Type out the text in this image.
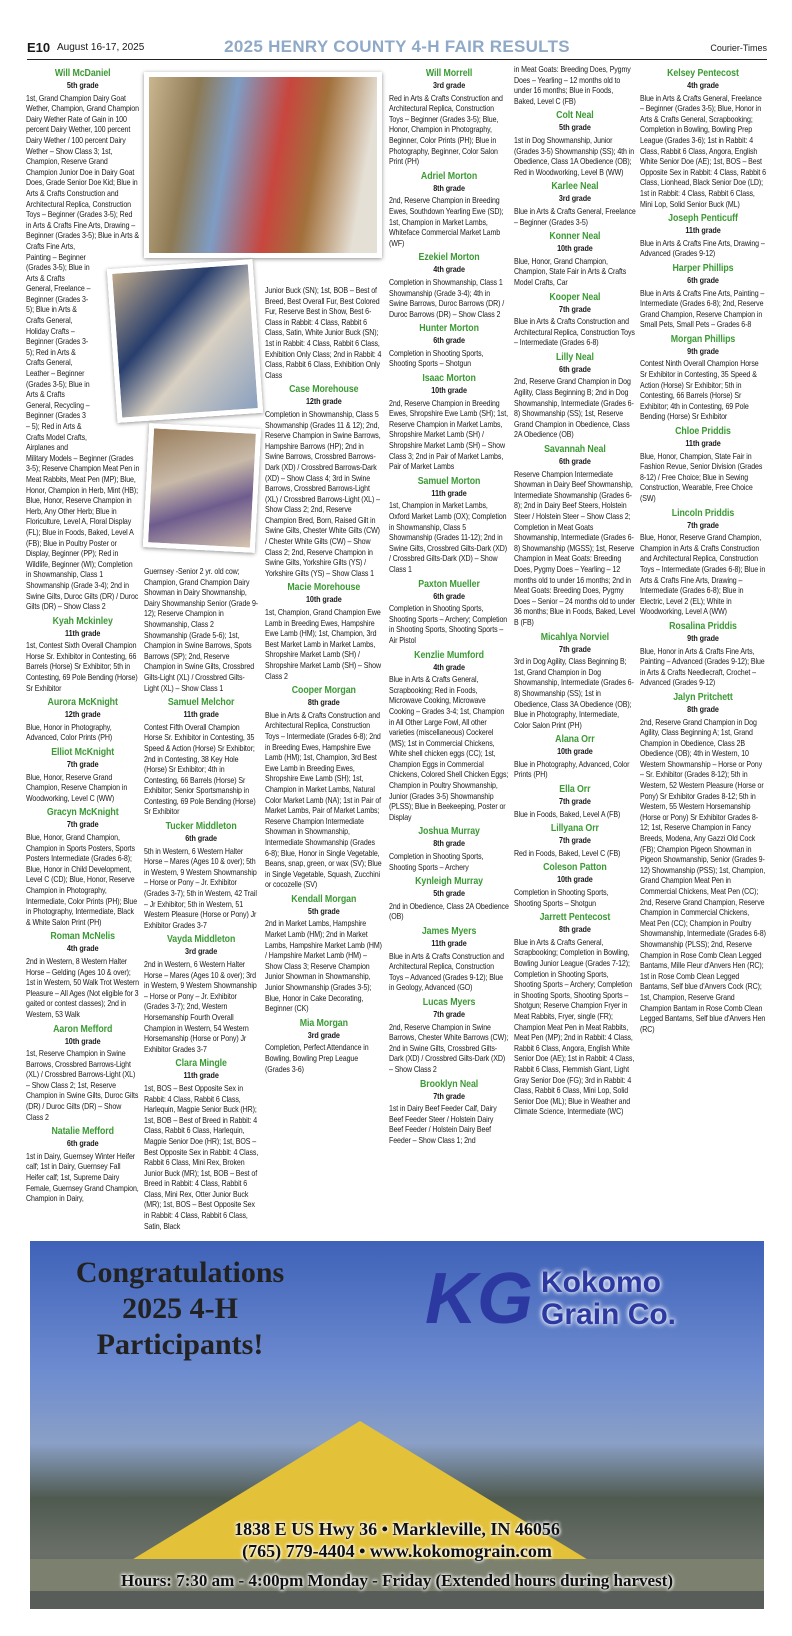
E10 August 16-17, 2025	2025 HENRY COUNTY 4-H FAIR RESULTS	Courier-Times
Will McDaniel
5th grade

1st, Grand Champion Dairy Goat Wether, Champion, Grand Champion Dairy Wether Rate of Gain in 100 percent Dairy Wether, 100 percent Dairy Wether / 100 percent Dairy Wether – Show Class 3; 1st, Champion, Reserve Grand Champion Junior Doe in Dairy Goat Does, Grade Senior Doe Kid; Blue in Arts & Crafts Construction and Architectural Replica, Construction Toys – Beginner (Grades 3-5); Red in Arts & Crafts Fine Arts, Drawing – Beginner (Grades 3-5); Blue in Arts & Crafts Fine Arts, Painting – Beginner (Grades 3-5); Blue in Arts & Crafts General, Freelance – Beginner (Grades 3-5); Blue in Arts & Crafts General, Holiday Crafts – Beginner (Grades 3-5); Red in Arts & Crafts General, Leather – Beginner (Grades 3-5); Blue in Arts & Crafts General, Recycling – Beginner (Grades 3 – 5); Red in Arts & Crafts Model Crafts, Airplanes and Military Models – Beginner (Grades 3-5); Reserve Champion Meat Pen in Meat Rabbits, Meat Pen (MP); Blue, Honor, Champion in Herb, Mint (HB); Blue, Honor, Reserve Champion in Herb, Any Other Herb; Blue in Floriculture, Level A, Floral Display (FL); Blue in Foods, Baked, Level A (FB); Blue in Poultry Poster or Display, Beginner (PP); Red in Wildlife, Beginner (WI); Completion in Showmanship, Class 1 Showmanship (Grade 3-4); 2nd in Swine Gilts, Duroc Gilts (DR) / Duroc Gilts (DR) – Show Class 2

Kyah Mckinley
11th grade

1st, Contest Sixth Overall Champion Horse Sr. Exhibitor in Contesting, 66 Barrels (Horse) Sr Exhibitor; 5th in Contesting, 69 Pole Bending (Horse) Sr Exhibitor

Aurora McKnight
12th grade

Blue, Honor in Photography, Advanced, Color Prints (PH)

Elliot McKnight
7th grade

Blue, Honor, Reserve Grand Champion, Reserve Champion in Woodworking, Level C (WW)

Gracyn McKnight
7th grade

Blue, Honor, Grand Champion, Champion in Sports Posters, Sports Posters Intermediate (Grades 6-8); Blue, Honor in Child Development, Level C (CD); Blue, Honor, Reserve Champion in Photography, Intermediate, Color Prints (PH); Blue in Photography, Intermediate, Black & White Salon Print (PH)

Roman McNelis
4th grade

2nd in Western, 8 Western Halter Horse – Gelding (Ages 10 & over); 1st in Western, 50 Walk Trot Western Pleasure – All Ages (Not eligible for 3 gaited or contest classes); 2nd in Western, 53 Walk

Aaron Mefford
10th grade

1st, Reserve Champion in Swine Barrows, Crossbred Barrows-Light (XL) / Crossbred Barrows-Light (XL) – Show Class 2; 1st, Reserve Champion in Swine Gilts, Duroc Gilts (DR) / Duroc Gilts (DR) – Show Class 2

Natalie Mefford
6th grade

1st in Dairy, Guernsey Winter Heifer calf; 1st in Dairy, Guernsey Fall Heifer calf; 1st, Supreme Dairy Female, Guernsey Grand Champion, Champion in Dairy,

Guernsey -Senior 2 yr. old cow; Champion, Grand Champion Dairy Showman in Dairy Showmanship, Dairy Showmanship Senior (Grade 9-12); Reserve Champion in Showmanship, Class 2 Showmanship (Grade 5-6); 1st, Champion in Swine Barrows, Spots Barrows (SP); 2nd, Reserve Champion in Swine Gilts, Crossbred Gilts-Light (XL) / Crossbred Gilts-Light (XL) – Show Class 1

Samuel Melchor
11th grade

Contest Fifth Overall Champion Horse Sr. Exhibitor in Contesting, 35 Speed & Action (Horse) Sr Exhibitor; 2nd in Contesting, 38 Key Hole (Horse) Sr Exhibitor; 4th in Contesting, 66 Barrels (Horse) Sr Exhibitor; Senior Sportsmanship in Contesting, 69 Pole Bending (Horse) Sr Exhibitor

Tucker Middleton
6th grade

5th in Western, 6 Western Halter Horse – Mares (Ages 10 & over); 5th in Western, 9 Western Showmanship – Horse or Pony – Jr. Exhibitor (Grades 3-7); 5th in Western, 42 Trail – Jr Exhibitor; 5th in Western, 51 Western Pleasure (Horse or Pony) Jr Exhibitor Grades 3-7

Vayda Middleton
3rd grade

2nd in Western, 6 Western Halter Horse – Mares (Ages 10 & over); 3rd in Western, 9 Western Showmanship – Horse or Pony – Jr. Exhibitor (Grades 3-7); 2nd, Western Horsemanship Fourth Overall Champion in Western, 54 Western Horsemanship (Horse or Pony) Jr Exhibitor Grades 3-7

Clara Mingle
11th grade

1st, BOS – Best Opposite Sex in Rabbit: 4 Class, Rabbit 6 Class, Harlequin, Magpie Senior Buck (HR); 1st, BOB – Best of Breed in Rabbit: 4 Class, Rabbit 6 Class, Harlequin, Magpie Senior Doe (HR); 1st, BOS – Best Opposite Sex in Rabbit: 4 Class, Rabbit 6 Class, Mini Rex, Broken Junior Buck (MR); 1st, BOB – Best of Breed in Rabbit: 4 Class, Rabbit 6 Class, Mini Rex, Otter Junior Buck (MR); 1st, BOS – Best Opposite Sex in Rabbit: 4 Class, Rabbit 6 Class, Satin, Black

Junior Buck (SN); 1st, BOB – Best of Breed, Best Overall Fur, Best Colored Fur, Reserve Best in Show, Best 6-Class in Rabbit: 4 Class, Rabbit 6 Class, Satin, White Junior Buck (SN); 1st in Rabbit: 4 Class, Rabbit 6 Class, Exhibition Only Class; 2nd in Rabbit: 4 Class, Rabbit 6 Class, Exhibition Only Class

Case Morehouse
12th grade

Completion in Showmanship, Class 5 Showmanship (Grades 11 & 12); 2nd, Reserve Champion in Swine Barrows, Hampshire Barrows (HP); 2nd in Swine Barrows, Crossbred Barrows-Dark (XD) / Crossbred Barrows-Dark (XD) – Show Class 4; 3rd in Swine Barrows, Crossbred Barrows-Light (XL) / Crossbred Barrows-Light (XL) – Show Class 2; 2nd, Reserve Champion Bred, Born, Raised Gilt in Swine Gilts, Chester White Gilts (CW) / Chester White Gilts (CW) – Show Class 2; 2nd, Reserve Champion in Swine Gilts, Yorkshire Gilts (YS) / Yorkshire Gilts (YS) – Show Class 1

Macie Morehouse
10th grade

1st, Champion, Grand Champion Ewe Lamb in Breeding Ewes, Hampshire Ewe Lamb (HM); 1st, Champion, 3rd Best Market Lamb in Market Lambs, Shropshire Market Lamb (SH) / Shropshire Market Lamb (SH) – Show Class 2

Cooper Morgan
8th grade

Blue in Arts & Crafts Construction and Architectural Replica, Construction Toys – Intermediate (Grades 6-8); 2nd in Breeding Ewes, Hampshire Ewe Lamb (HM); 1st, Champion, 3rd Best Ewe Lamb in Breeding Ewes, Shropshire Ewe Lamb (SH); 1st, Champion in Market Lambs, Natural Color Market Lamb (NA); 1st in Pair of Market Lambs, Pair of Market Lambs; Reserve Champion Intermediate Showman in Showmanship, Intermediate Showmanship (Grades 6-8); Blue, Honor in Single Vegetable, Beans, snap, green, or wax (SV); Blue in Single Vegetable, Squash, Zucchini or cocozelle (SV)

Kendall Morgan
5th grade

2nd in Market Lambs, Hampshire Market Lamb (HM); 2nd in Market Lambs, Hampshire Market Lamb (HM) / Hampshire Market Lamb (HM) – Show Class 3; Reserve Champion Junior Showman in Showmanship, Junior Showmanship (Grades 3-5); Blue, Honor in Cake Decorating, Beginner (CK)

Mia Morgan
3rd grade

Completion, Perfect Attendance in Bowling, Bowling Prep League (Grades 3-6)

Will Morrell
3rd grade

Red in Arts & Crafts Construction and Architectural Replica, Construction Toys – Beginner (Grades 3-5); Blue, Honor, Champion in Photography, Beginner, Color Prints (PH); Blue in Photography, Beginner, Color Salon Print (PH)

Adriel Morton
8th grade

2nd, Reserve Champion in Breeding Ewes, Southdown Yearling Ewe (SD); 1st, Champion in Market Lambs, Whiteface Commercial Market Lamb (WF)

Ezekiel Morton
4th grade

Completion in Showmanship, Class 1 Showmanship (Grade 3-4); 4th in Swine Barrows, Duroc Barrows (DR) / Duroc Barrows (DR) – Show Class 2

Hunter Morton
6th grade

Completion in Shooting Sports, Shooting Sports – Shotgun

Isaac Morton
10th grade

2nd, Reserve Champion in Breeding Ewes, Shropshire Ewe Lamb (SH); 1st, Reserve Champion in Market Lambs, Shropshire Market Lamb (SH) / Shropshire Market Lamb (SH) – Show Class 3; 2nd in Pair of Market Lambs, Pair of Market Lambs

Samuel Morton
11th grade

1st, Champion in Market Lambs, Oxford Market Lamb (OX); Completion in Showmanship, Class 5 Showmanship (Grades 11-12); 2nd in Swine Gilts, Crossbred Gilts-Dark (XD) / Crossbred Gilts-Dark (XD) – Show Class 1

Paxton Mueller
6th grade

Completion in Shooting Sports, Shooting Sports – Archery; Completion in Shooting Sports, Shooting Sports – Air Pistol

Kenzlie Mumford
4th grade

Blue in Arts & Crafts General, Scrapbooking; Red in Foods, Microwave Cooking, Microwave Cooking – Grades 3-4; 1st, Champion in All Other Large Fowl, All other varieties (miscellaneous) Cockerel (MS); 1st in Commercial Chickens, White shell chicken eggs (CC); 1st, Champion Eggs in Commercial Chickens, Colored Shell Chicken Eggs; Champion in Poultry Showmanship, Junior (Grades 3-5) Showmanship (PLSS); Blue in Beekeeping, Poster or Display

Joshua Murray
8th grade

Completion in Shooting Sports, Shooting Sports – Archery

Kynleigh Murray
5th grade

2nd in Obedience, Class 2A Obedience (OB)

James Myers
11th grade

Blue in Arts & Crafts Construction and Architectural Replica, Construction Toys – Advanced (Grades 9-12); Blue in Geology, Advanced (GO)

Lucas Myers
7th grade

2nd, Reserve Champion in Swine Barrows, Chester White Barrows (CW); 2nd in Swine Gilts, Crossbred Gilts-Dark (XD) / Crossbred Gilts-Dark (XD) – Show Class 2

Brooklyn Neal
7th grade

1st in Dairy Beef Feeder Calf, Dairy Beef Feeder Steer / Holstein Dairy Beef Feeder / Holstein Dairy Beef Feeder – Show Class 1; 2nd

in Meat Goats: Breeding Does, Pygmy Does – Yearling – 12 months old to under 16 months; Blue in Foods, Baked, Level C (FB)

Colt Neal
5th grade

1st in Dog Showmanship, Junior (Grades 3-5) Showmanship (SS); 4th in Obedience, Class 1A Obedience (OB); Red in Woodworking, Level B (WW)

Karlee Neal
3rd grade

Blue in Arts & Crafts General, Freelance – Beginner (Grades 3-5)

Konner Neal
10th grade

Blue, Honor, Grand Champion, Champion, State Fair in Arts & Crafts Model Crafts, Car

Kooper Neal
7th grade

Blue in Arts & Crafts Construction and Architectural Replica, Construction Toys – Intermediate (Grades 6-8)

Lilly Neal
6th grade

2nd, Reserve Grand Champion in Dog Agility, Class Beginning B; 2nd in Dog Showmanship, Intermediate (Grades 6-8) Showmanship (SS); 1st, Reserve Grand Champion in Obedience, Class 2A Obedience (OB)

Savannah Neal
6th grade

Reserve Champion Intermediate Showman in Dairy Beef Showmanship, Intermediate Showmanship (Grades 6-8); 2nd in Dairy Beef Steers, Holstein Steer / Holstein Steer – Show Class 2; Completion in Meat Goats Showmanship, Intermediate (Grades 6-8) Showmanship (MGSS); 1st, Reserve Champion in Meat Goats: Breeding Does, Pygmy Does – Yearling – 12 months old to under 16 months; 2nd in Meat Goats: Breeding Does, Pygmy Does – Senior – 24 months old to under 36 months; Blue in Foods, Baked, Level B (FB)

Micahlya Norviel
7th grade

3rd in Dog Agility, Class Beginning B; 1st, Grand Champion in Dog Showmanship, Intermediate (Grades 6-8) Showmanship (SS); 1st in Obedience, Class 3A Obedience (OB); Blue in Photography, Intermediate, Color Salon Print (PH)

Alana Orr
10th grade

Blue in Photography, Advanced, Color Prints (PH)

Ella Orr
7th grade

Blue in Foods, Baked, Level A (FB)

Lillyana Orr
7th grade

Red in Foods, Baked, Level C (FB)

Coleson Patton
10th grade

Completion in Shooting Sports, Shooting Sports – Shotgun

Jarrett Pentecost
8th grade

Blue in Arts & Crafts General, Scrapbooking; Completion in Bowling, Bowling Junior League (Grades 7-12); Completion in Shooting Sports, Shooting Sports – Archery; Completion in Shooting Sports, Shooting Sports – Shotgun; Reserve Champion Fryer in Meat Rabbits, Fryer, single (FR); Champion Meat Pen in Meat Rabbits, Meat Pen (MP); 2nd in Rabbit: 4 Class, Rabbit 6 Class, Angora, English White Senior Doe (AE); 1st in Rabbit: 4 Class, Rabbit 6 Class, Flemmish Giant, Light Gray Senior Doe (FG); 3rd in Rabbit: 4 Class, Rabbit 6 Class, Mini Lop, Solid Senior Doe (ML); Blue in Weather and Climate Science, Intermediate (WC)

Kelsey Pentecost
4th grade

Blue in Arts & Crafts General, Freelance – Beginner (Grades 3-5); Blue, Honor in Arts & Crafts General, Scrapbooking; Completion in Bowling, Bowling Prep League (Grades 3-6); 1st in Rabbit: 4 Class, Rabbit 6 Class, Angora, English White Senior Doe (AE); 1st, BOS – Best Opposite Sex in Rabbit: 4 Class, Rabbit 6 Class, Lionhead, Black Senior Doe (LD); 1st in Rabbit: 4 Class, Rabbit 6 Class, Mini Lop, Solid Senior Buck (ML)

Joseph Penticuff
11th grade

Blue in Arts & Crafts Fine Arts, Drawing – Advanced (Grades 9-12)

Harper Phillips
6th grade

Blue in Arts & Crafts Fine Arts, Painting – Intermediate (Grades 6-8); 2nd, Reserve Grand Champion, Reserve Champion in Small Pets, Small Pets – Grades 6-8

Morgan Phillips
9th grade

Contest Ninth Overall Champion Horse Sr Exhibitor in Contesting, 35 Speed & Action (Horse) Sr Exhibitor; 5th in Contesting, 66 Barrels (Horse) Sr Exhibitor; 4th in Contesting, 69 Pole Bending (Horse) Sr Exhibitor

Chloe Priddis
11th grade

Blue, Honor, Champion, State Fair in Fashion Revue, Senior Division (Grades 8-12) / Free Choice; Blue in Sewing Construction, Wearable, Free Choice (SW)

Lincoln Priddis
7th grade

Blue, Honor, Reserve Grand Champion, Champion in Arts & Crafts Construction and Architectural Replica, Construction Toys – Intermediate (Grades 6-8); Blue in Arts & Crafts Fine Arts, Drawing – Intermediate (Grades 6-8); Blue in Electric, Level 2 (EL); White in Woodworking, Level A (WW)

Rosalina Priddis
9th grade

Blue, Honor in Arts & Crafts Fine Arts, Painting – Advanced (Grades 9-12); Blue in Arts & Crafts Needlecraft, Crochet – Advanced (Grades 9-12)

Jalyn Pritchett
8th grade

2nd, Reserve Grand Champion in Dog Agility, Class Beginning A; 1st, Grand Champion in Obedience, Class 2B Obedience (OB); 4th in Western, 10 Western Showmanship – Horse or Pony – Sr. Exhibitor (Grades 8-12); 5th in Western, 52 Western Pleasure (Horse or Pony) Sr Exhibitor Grades 8-12; 5th in Western, 55 Western Horsemanship (Horse or Pony) Sr Exhibitor Grades 8-12; 1st, Reserve Champion in Fancy Breeds, Modena, Any Gazzi Old Cock (FB); Champion Pigeon Showman in Pigeon Showmanship, Senior (Grades 9-12) Showmanship (PSS); 1st, Champion, Grand Champion Meat Pen in Commercial Chickens, Meat Pen (CC); 2nd, Reserve Grand Champion, Reserve Champion in Commercial Chickens, Meat Pen (CC); Champion in Poultry Showmanship, Intermediate (Grades 6-8) Showmanship (PLSS); 2nd, Reserve Champion in Rose Comb Clean Legged Bantams, Mille Fleur d'Anvers Hen (RC); 1st in Rose Comb Clean Legged Bantams, Self blue d'Anvers Cock (RC); 1st, Champion, Reserve Grand Champion Bantam in Rose Comb Clean Legged Bantams, Self blue d'Anvers Hen (RC)

Congratulations
2025 4-H
Participants!
KG Kokomo
Grain Co.
1838 E US Hwy 36 • Markleville, IN 46056
(765) 779-4404 • www.kokomograin.com
Hours: 7:30 am - 4:00pm Monday - Friday (Extended hours during harvest)
